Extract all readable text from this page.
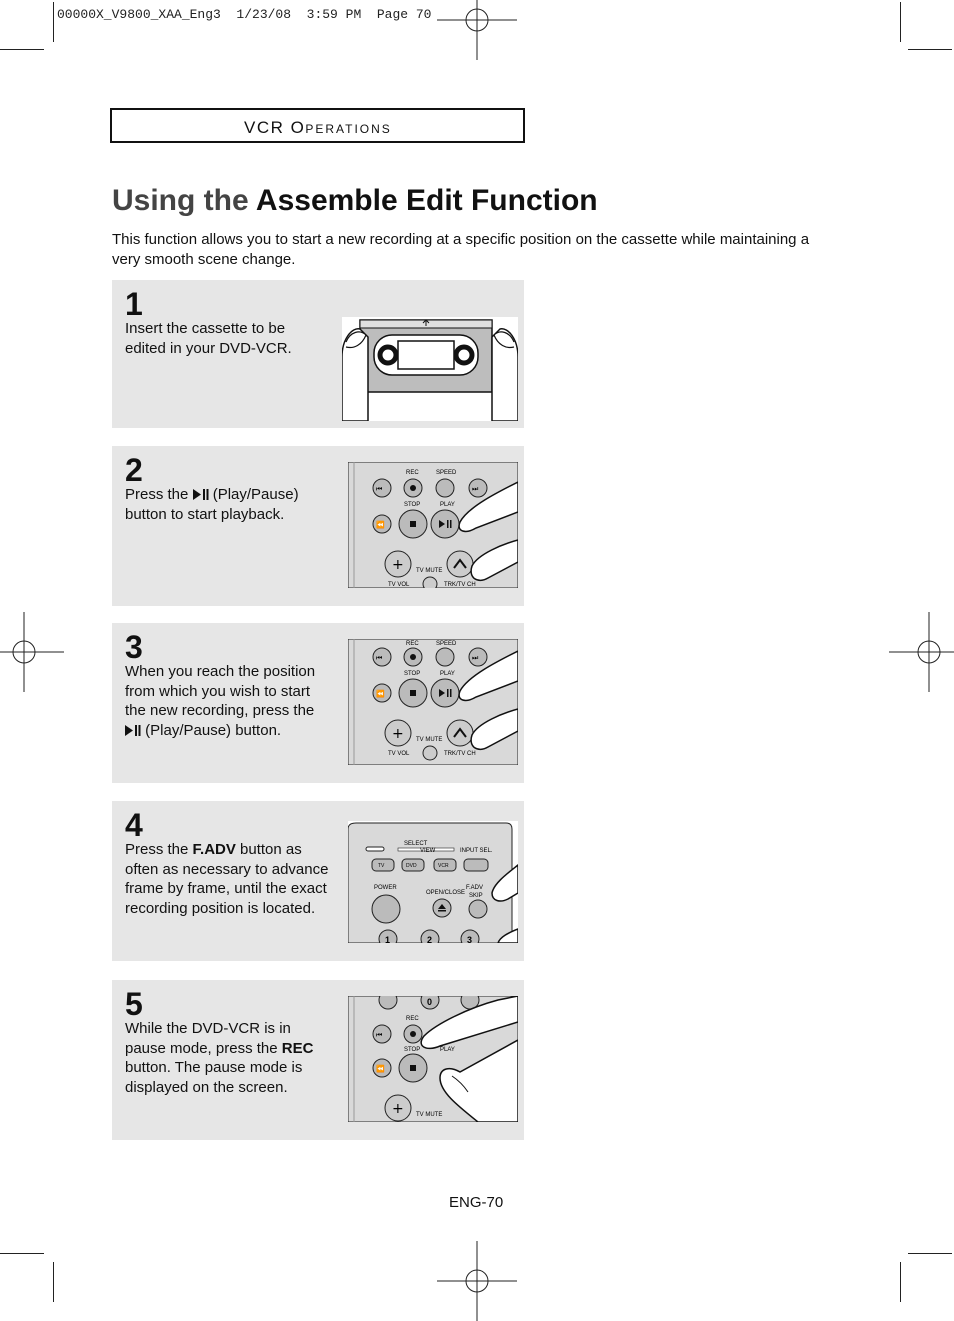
00000X_V9800_XAA_Eng3  1/23/08  3:59 PM  Page 70
VCR OPERATIONS
Using the Assemble Edit Function
This function allows you to start a new recording at a specific position on the cassette while maintaining a very smooth scene change.
1
Insert the cassette to be edited in your DVD-VCR.
2
Press the  (Play/Pause) button to start playback.
REC	SPEED
⏮	⏭
STOP	PLAY
⏪
+
TV VOL
TV MUTE
TRK/TV CH
3
When you reach the position from which you wish to start the new recording, press the  (Play/Pause) button.
REC	SPEED
⏮	⏭
STOP	PLAY
⏪
+
TV VOL
TV MUTE
TRK/TV CH
4
Press the F.ADV button as often as necessary to advance frame by frame, until the exact recording position is located.
SELECT
VIEW	INPUT SEL.
TV	DVD	VCR
POWER
OPEN/CLOSE
F.ADV
SKIP
1	2	3
5
While the DVD-VCR is in pause mode, press the REC button. The pause mode is displayed on the screen.
0
REC
⏮
STOP	PLAY
⏪
+ TV MUTE
ENG-70
